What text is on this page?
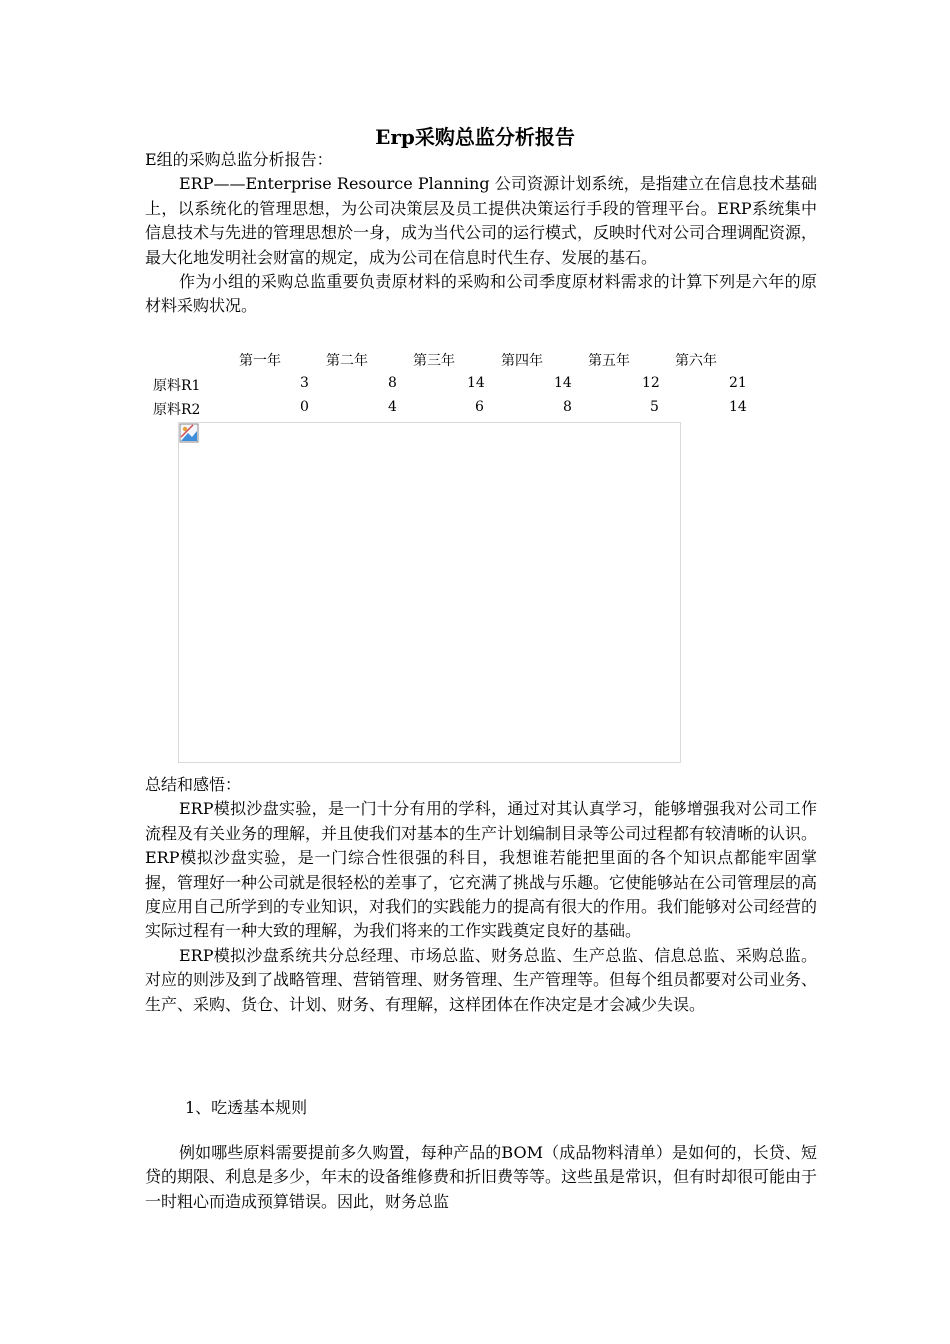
Erp采购总监分析报告

E组的采购总监分析报告：

ERP——Enterprise Resource Planning 公司资源计划系统，是指建立在信息技术基础上，以系统化的管理思想，为公司决策层及员工提供决策运行手段的管理平台。ERP系统集中信息技术与先进的管理思想於一身，成为当代公司的运行模式，反映时代对公司合理调配资源，最大化地发明社会财富的规定，成为公司在信息时代生存、发展的基石。

作为小组的采购总监重要负责原材料的采购和公司季度原材料需求的计算下列是六年的原材料采购状况。

第一年	第二年	第三年	第四年	第五年	第六年
原料R1	3	8	14	14	12	21
原料R2	0	4	6	8	5	14

总结和感悟：

ERP模拟沙盘实验，是一门十分有用的学科，通过对其认真学习，能够增强我对公司工作流程及有关业务的理解，并且使我们对基本的生产计划编制目录等公司过程都有较清晰的认识。ERP模拟沙盘实验，是一门综合性很强的科目，我想谁若能把里面的各个知识点都能牢固掌握，管理好一种公司就是很轻松的差事了，它充满了挑战与乐趣。它使能够站在公司管理层的高度应用自己所学到的专业知识，对我们的实践能力的提高有很大的作用。我们能够对公司经营的实际过程有一种大致的理解，为我们将来的工作实践奠定良好的基础。

ERP模拟沙盘系统共分总经理、市场总监、财务总监、生产总监、信息总监、采购总监。对应的则涉及到了战略管理、营销管理、财务管理、生产管理等。但每个组员都要对公司业务、生产、采购、货仓、计划、财务、有理解，这样团体在作决定是才会减少失误。

1、吃透基本规则

例如哪些原料需要提前多久购置，每种产品的BOM（成品物料清单）是如何的，长贷、短贷的期限、利息是多少，年末的设备维修费和折旧费等等。这些虽是常识，但有时却很可能由于一时粗心而造成预算错误。因此，财务总监
